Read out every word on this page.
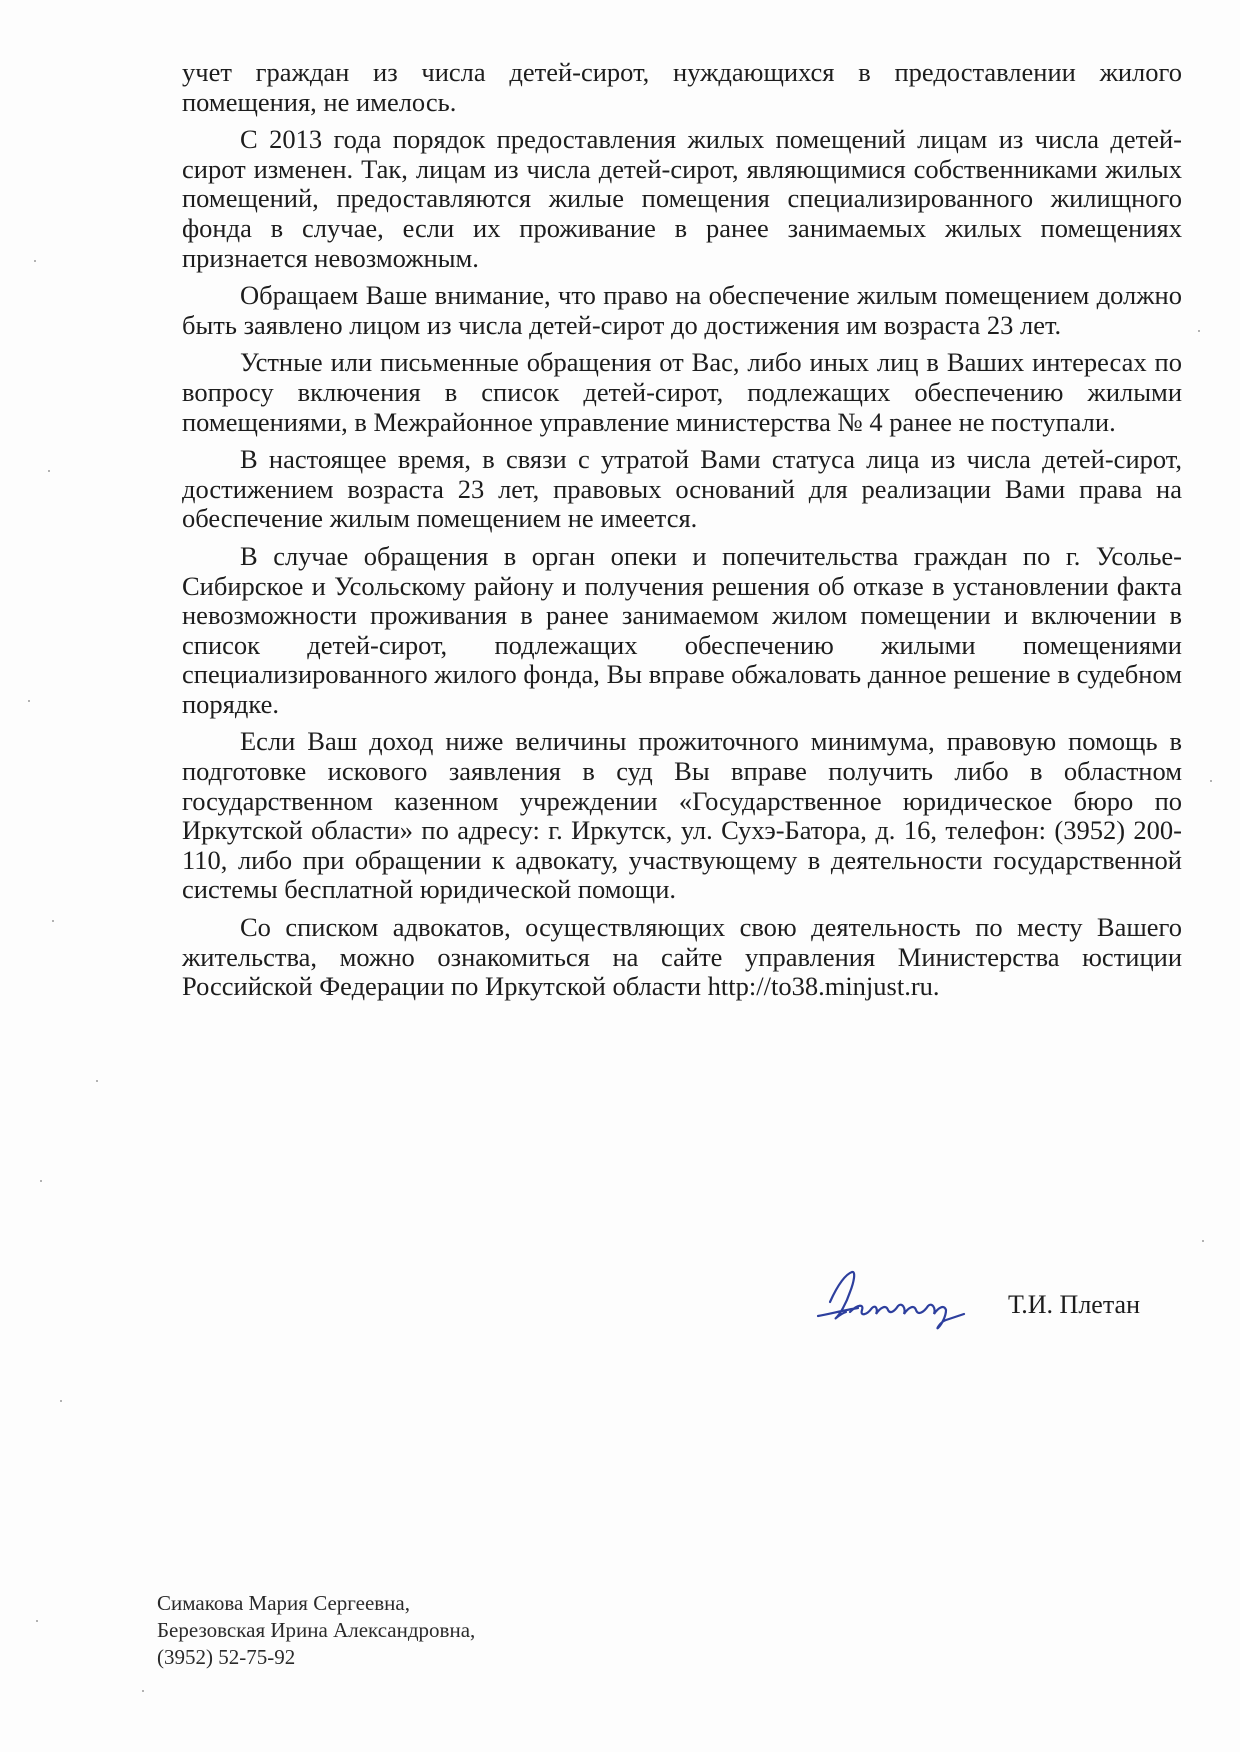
учет граждан из числа детей-сирот, нуждающихся в предоставлении жилого помещения, не имелось.

С 2013 года порядок предоставления жилых помещений лицам из числа детей-сирот изменен. Так, лицам из числа детей-сирот, являющимися собственниками жилых помещений, предоставляются жилые помещения специализированного жилищного фонда в случае, если их проживание в ранее занимаемых жилых помещениях признается невозможным.

Обращаем Ваше внимание, что право на обеспечение жилым помещением должно быть заявлено лицом из числа детей-сирот до достижения им возраста 23 лет.

Устные или письменные обращения от Вас, либо иных лиц в Ваших интересах по вопросу включения в список детей-сирот, подлежащих обеспечению жилыми помещениями, в Межрайонное управление министерства № 4 ранее не поступали.

В настоящее время, в связи с утратой Вами статуса лица из числа детей-сирот, достижением возраста 23 лет, правовых оснований для реализации Вами права на обеспечение жилым помещением не имеется.

В случае обращения в орган опеки и попечительства граждан по г. Усолье-Сибирское и Усольскому району и получения решения об отказе в установлении факта невозможности проживания в ранее занимаемом жилом помещении и включении в список детей-сирот, подлежащих обеспечению жилыми помещениями специализированного жилого фонда, Вы вправе обжаловать данное решение в судебном порядке.

Если Ваш доход ниже величины прожиточного минимума, правовую помощь в подготовке искового заявления в суд Вы вправе получить либо в областном государственном казенном учреждении «Государственное юридическое бюро по Иркутской области» по адресу: г. Иркутск, ул. Сухэ-Батора, д. 16, телефон: (3952) 200-110, либо при обращении к адвокату, участвующему в деятельности государственной системы бесплатной юридической помощи.

Со списком адвокатов, осуществляющих свою деятельность по месту Вашего жительства, можно ознакомиться на сайте управления Министерства юстиции Российской Федерации по Иркутской области http://to38.minjust.ru.

Т.И. Плетан
Симакова Мария Сергеевна,
Березовская Ирина Александровна,
(3952) 52-75-92
